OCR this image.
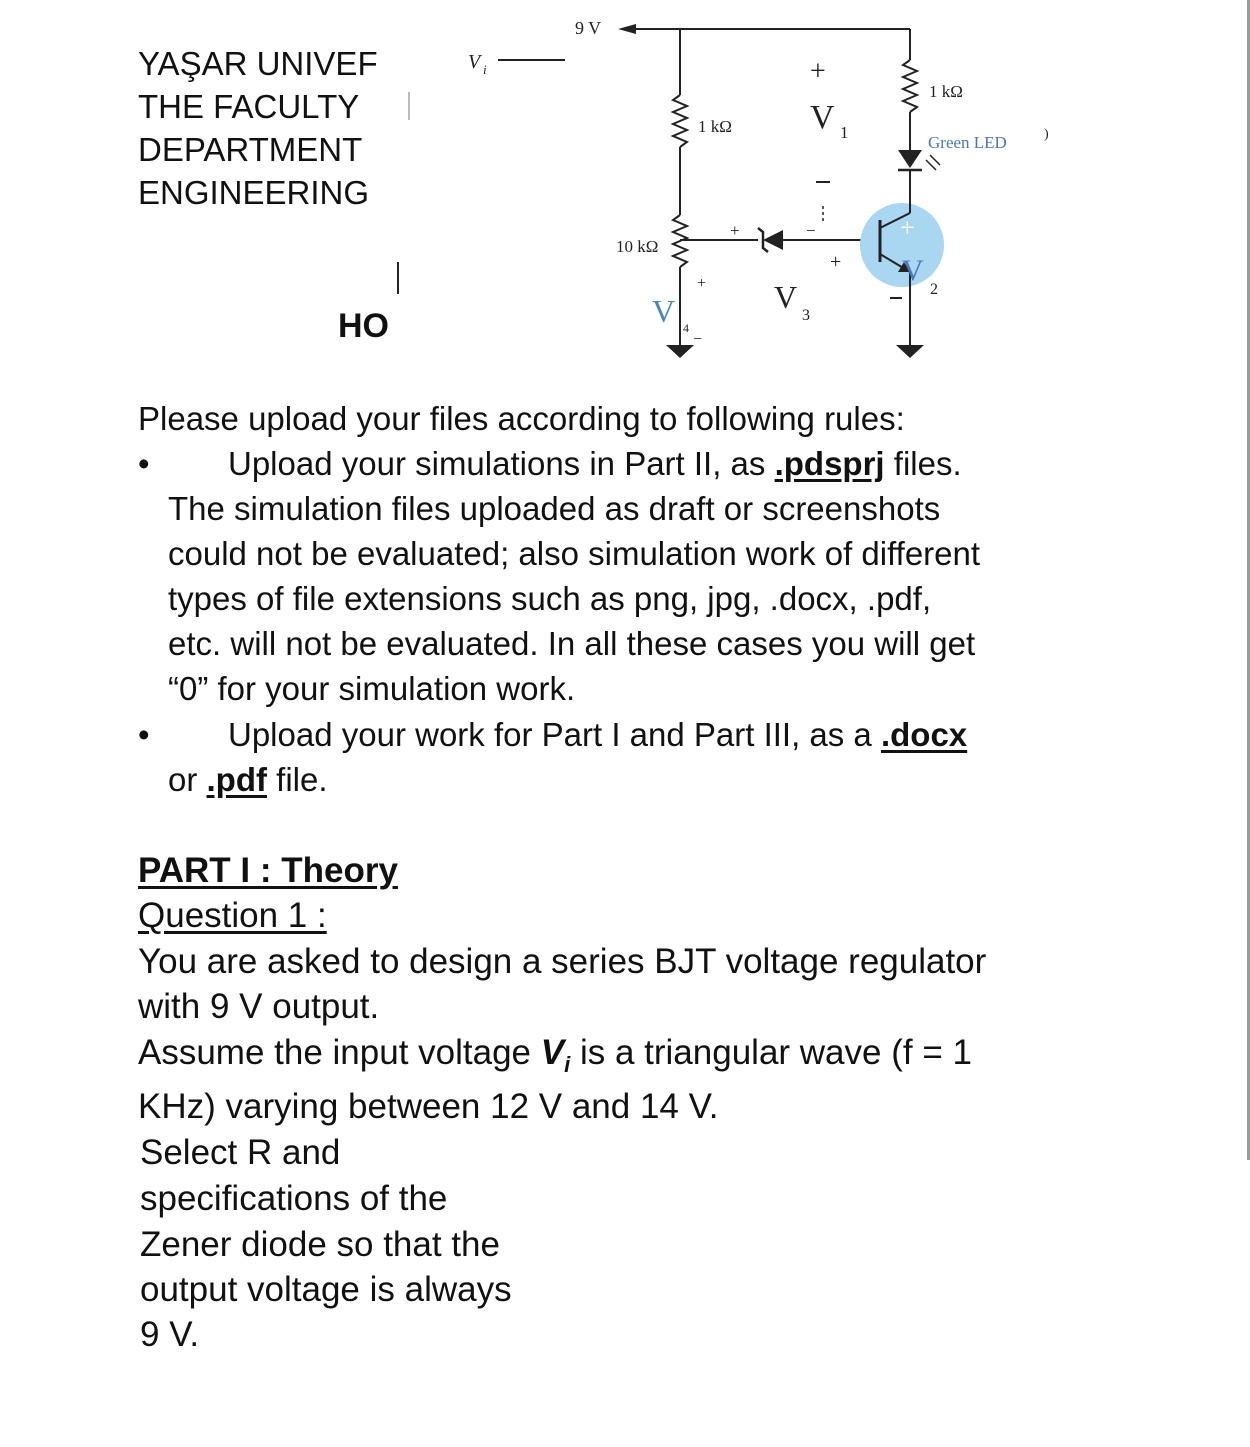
YAŞAR UNIVEF
THE FACULTY
DEPARTMENT
ENGINEERING
HO
V i
9 V
1 kΩ
10 kΩ
+	−
V
3
+
V 4
−
+
V 1
1 kΩ
Green LED	)
+
+ V
2
Please upload your files according to following rules:
• Upload your simulations in Part II, as .pdsprj files.
The simulation files uploaded as draft or screenshots
could not be evaluated; also simulation work of different
types of file extensions such as png, jpg, .docx, .pdf,
etc. will not be evaluated. In all these cases you will get
“0” for your simulation work.
• Upload your work for Part I and Part III, as a .docx
or .pdf file.
PART I : Theory
Question 1 :
You are asked to design a series BJT voltage regulator
with 9 V output.
Assume the input voltage $V_i$ is a triangular wave (f = 1
KHz) varying between 12 V and 14 V.
Select R and
specifications of the
Zener diode so that the
output voltage is always
9 V.
